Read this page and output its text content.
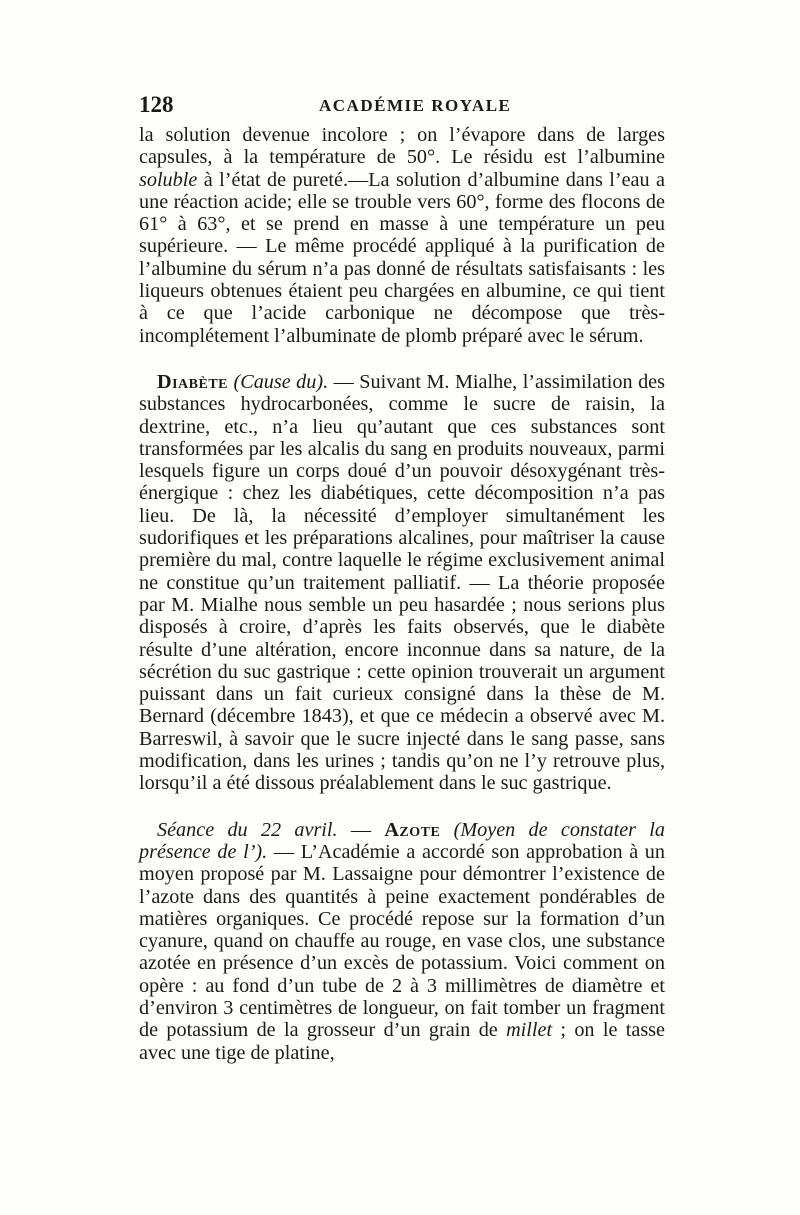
128	ACADÉMIE ROYALE

la solution devenue incolore ; on l’évapore dans de larges capsules, à la température de 50°. Le résidu est l’albumine soluble à l’état de pureté.—La solution d’albumine dans l’eau a une réaction acide; elle se trouble vers 60°, forme des flocons de 61° à 63°, et se prend en masse à une température un peu supérieure. — Le même procédé appliqué à la purification de l’albumine du sérum n’a pas donné de résultats satisfaisants : les liqueurs obtenues étaient peu chargées en albumine, ce qui tient à ce que l’acide carbonique ne décompose que très-incomplétement l’albuminate de plomb préparé avec le sérum.

Diabète (Cause du). — Suivant M. Mialhe, l’assimilation des substances hydrocarbonées, comme le sucre de raisin, la dextrine, etc., n’a lieu qu’autant que ces substances sont transformées par les alcalis du sang en produits nouveaux, parmi lesquels figure un corps doué d’un pouvoir désoxygénant très-énergique : chez les diabétiques, cette décomposition n’a pas lieu. De là, la nécessité d’employer simultanément les sudorifiques et les préparations alcalines, pour maîtriser la cause première du mal, contre laquelle le régime exclusivement animal ne constitue qu’un traitement palliatif. — La théorie proposée par M. Mialhe nous semble un peu hasardée ; nous serions plus disposés à croire, d’après les faits observés, que le diabète résulte d’une altération, encore inconnue dans sa nature, de la sécrétion du suc gastrique : cette opinion trouverait un argument puissant dans un fait curieux consigné dans la thèse de M. Bernard (décembre 1843), et que ce médecin a observé avec M. Barreswil, à savoir que le sucre injecté dans le sang passe, sans modification, dans les urines ; tandis qu’on ne l’y retrouve plus, lorsqu’il a été dissous préalablement dans le suc gastrique.

Séance du 22 avril. — Azote (Moyen de constater la présence de l’). — L’Académie a accordé son approbation à un moyen proposé par M. Lassaigne pour démontrer l’existence de l’azote dans des quantités à peine exactement pondérables de matières organiques. Ce procédé repose sur la formation d’un cyanure, quand on chauffe au rouge, en vase clos, une substance azotée en présence d’un excès de potassium. Voici comment on opère : au fond d’un tube de 2 à 3 millimètres de diamètre et d’environ 3 centimètres de longueur, on fait tomber un fragment de potassium de la grosseur d’un grain de millet ; on le tasse avec une tige de platine,
